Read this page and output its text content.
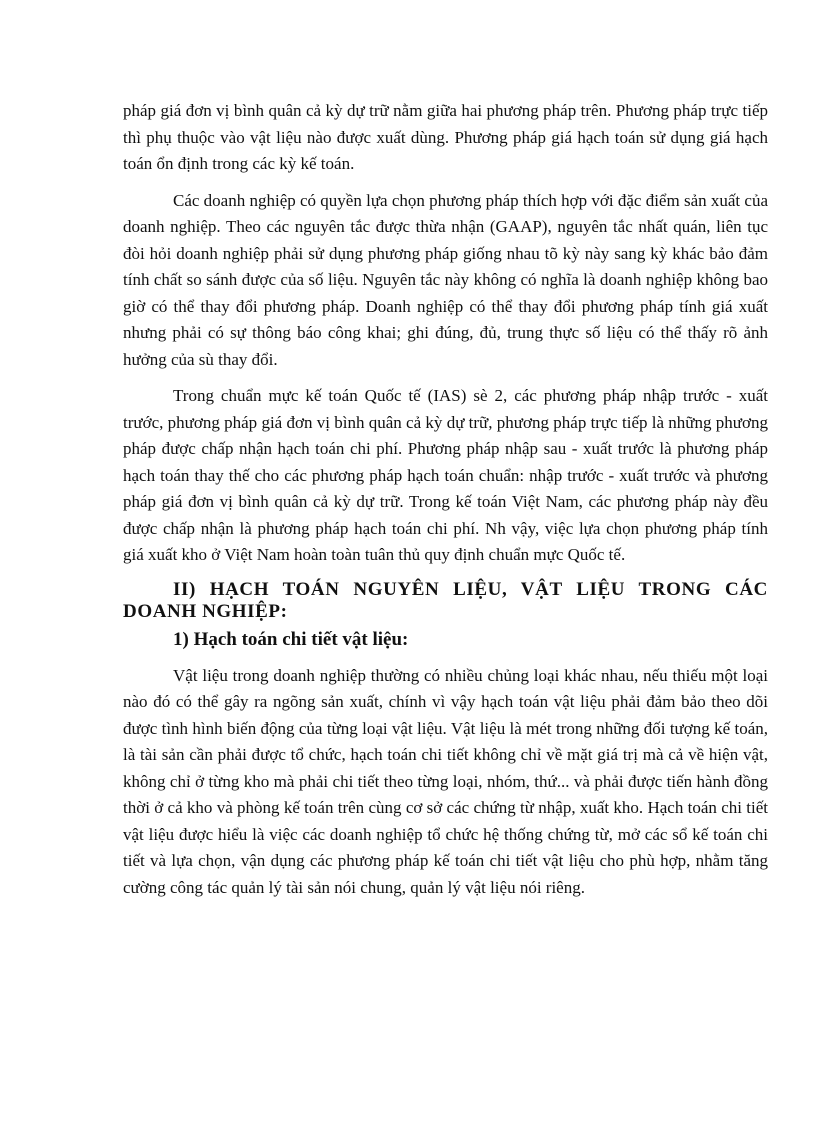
pháp giá đơn vị bình quân cả kỳ dự trữ nằm giữa hai phương pháp trên. Phương pháp trực tiếp thì phụ thuộc vào vật liệu nào được xuất dùng. Phương pháp giá hạch toán sử dụng giá hạch toán ổn định trong các kỳ kế toán.

Các doanh nghiệp có quyền lựa chọn phương pháp thích hợp với đặc điểm sản xuất của doanh nghiệp. Theo các nguyên tắc được thừa nhận (GAAP), nguyên tắc nhất quán, liên tục đòi hỏi doanh nghiệp phải sử dụng phương pháp giống nhau tõ kỳ này sang kỳ khác bảo đảm tính chất so sánh được của số liệu. Nguyên tắc này không có nghĩa là doanh nghiệp không bao giờ có thể thay đổi phương pháp. Doanh nghiệp có thể thay đổi phương pháp tính giá xuất nhưng phải có sự thông báo công khai; ghi đúng, đủ, trung thực số liệu có thể thấy rõ ảnh hưởng của sù thay đổi.

Trong chuẩn mực kế toán Quốc tế (IAS) sè 2, các phương pháp nhập trước - xuất trước, phương pháp giá đơn vị bình quân cả kỳ dự trữ, phương pháp trực tiếp là những phương pháp được chấp nhận hạch toán chi phí. Phương pháp nhập sau - xuất trước là phương pháp hạch toán thay thế cho các phương pháp hạch toán chuẩn: nhập trước - xuất trước và phương pháp giá đơn vị bình quân cả kỳ dự trữ. Trong kế toán Việt Nam, các phương pháp này đều được chấp nhận là phương pháp hạch toán chi phí. Nh vậy, việc lựa chọn phương pháp tính giá xuất kho ở Việt Nam hoàn toàn tuân thủ quy định chuẩn mực Quốc tế.

II) HẠCH TOÁN NGUYÊN LIỆU, VẬT LIỆU TRONG CÁC DOANH NGHIỆP:
1) Hạch toán chi tiết vật liệu:

Vật liệu trong doanh nghiệp thường có nhiều chủng loại khác nhau, nếu thiếu một loại nào đó có thể gây ra ngõng sản xuất, chính vì vậy hạch toán vật liệu phải đảm bảo theo dõi được tình hình biến động của từng loại vật liệu. Vật liệu là mét trong những đối tượng kế toán, là tài sản cần phải được tổ chức, hạch toán chi tiết không chỉ về mặt giá trị mà cả về hiện vật, không chỉ ở từng kho mà phải chi tiết theo từng loại, nhóm, thứ... và phải được tiến hành đồng thời ở cả kho và phòng kế toán trên cùng cơ sở các chứng từ nhập, xuất kho. Hạch toán chi tiết vật liệu được hiểu là việc các doanh nghiệp tổ chức hệ thống chứng từ, mở các sổ kế toán chi tiết và lựa chọn, vận dụng các phương pháp kế toán chi tiết vật liệu cho phù hợp, nhằm tăng cường công tác quản lý tài sản nói chung, quản lý vật liệu nói riêng.
